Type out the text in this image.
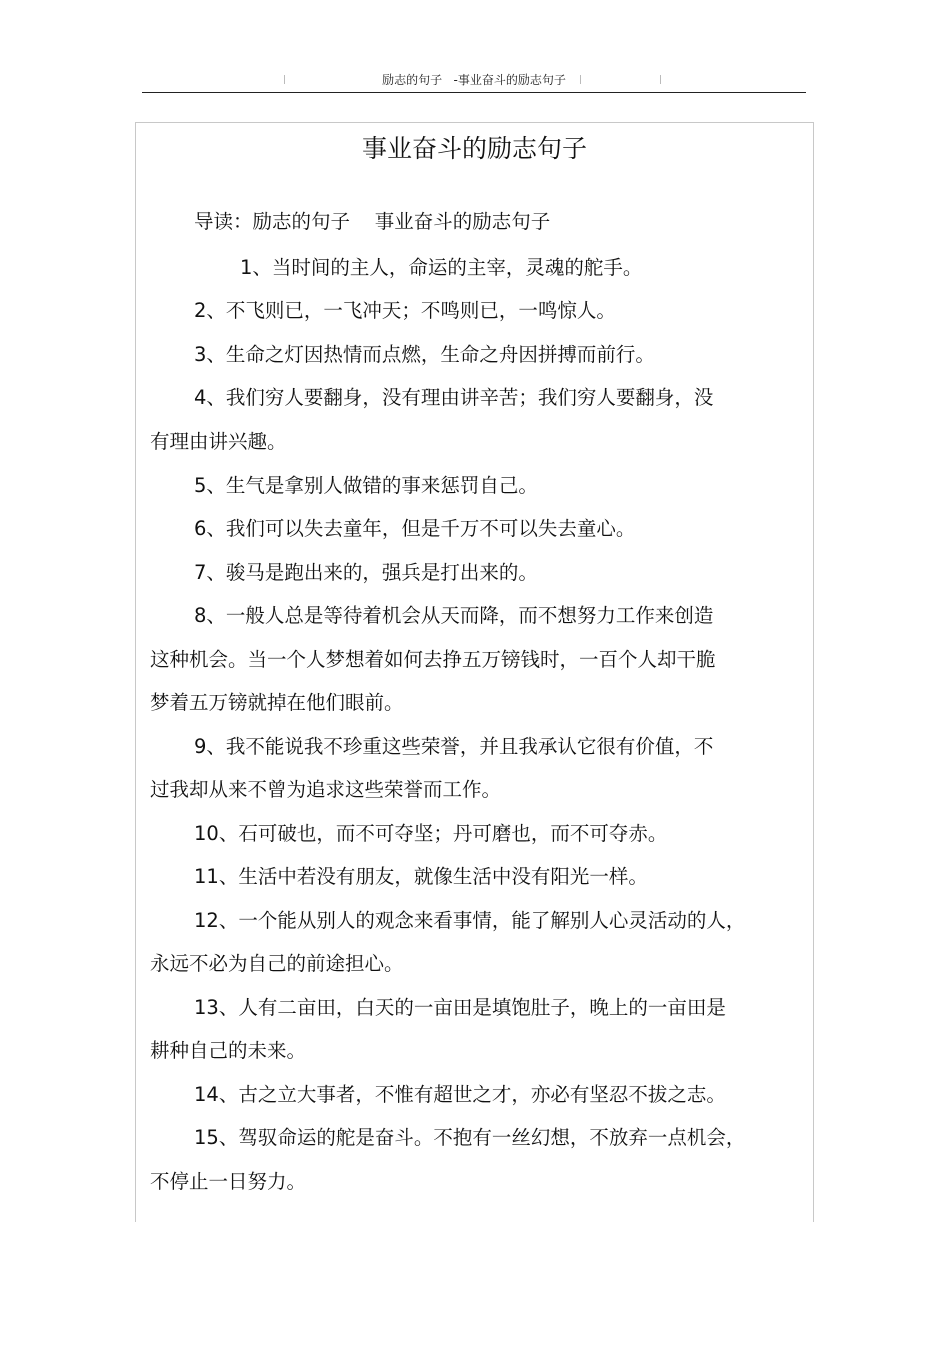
励志的句子   -事业奋斗的励志句子
事业奋斗的励志句子
导读：励志的句子    事业奋斗的励志句子
1、当时间的主人，命运的主宰，灵魂的舵手。
2、不飞则已，一飞冲天；不鸣则已，一鸣惊人。
3、生命之灯因热情而点燃，生命之舟因拼搏而前行。
4、我们穷人要翻身，没有理由讲辛苦；我们穷人要翻身，没
有理由讲兴趣。
5、生气是拿别人做错的事来惩罚自己。
6、我们可以失去童年，但是千万不可以失去童心。
7、骏马是跑出来的，强兵是打出来的。
8、一般人总是等待着机会从天而降，而不想努力工作来创造
这种机会。当一个人梦想着如何去挣五万镑钱时，一百个人却干脆
梦着五万镑就掉在他们眼前。
9、我不能说我不珍重这些荣誉，并且我承认它很有价值，不
过我却从来不曾为追求这些荣誉而工作。
10、石可破也，而不可夺坚；丹可磨也，而不可夺赤。
11、生活中若没有朋友，就像生活中没有阳光一样。
12、一个能从别人的观念来看事情，能了解别人心灵活动的人，
永远不必为自己的前途担心。
13、人有二亩田，白天的一亩田是填饱肚子，晚上的一亩田是
耕种自己的未来。
14、古之立大事者，不惟有超世之才，亦必有坚忍不拔之志。
15、驾驭命运的舵是奋斗。不抱有一丝幻想，不放弃一点机会，
不停止一日努力。
